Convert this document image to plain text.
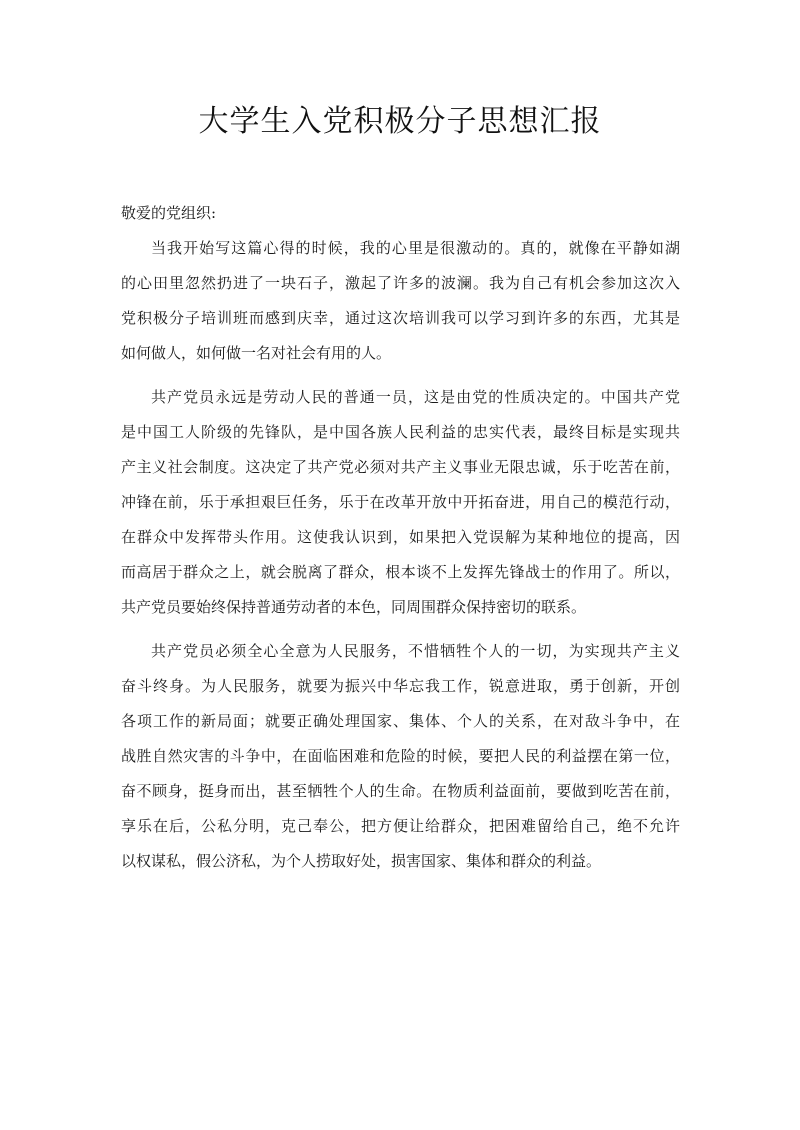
大学生入党积极分子思想汇报

敬爱的党组织:

当我开始写这篇心得的时候，我的心里是很激动的。真的，就像在平静如湖
的心田里忽然扔进了一块石子，激起了许多的波澜。我为自己有机会参加这次入
党积极分子培训班而感到庆幸，通过这次培训我可以学习到许多的东西，尤其是
如何做人，如何做一名对社会有用的人。
共产党员永远是劳动人民的普通一员，这是由党的性质决定的。中国共产党
是中国工人阶级的先锋队，是中国各族人民利益的忠实代表，最终目标是实现共
产主义社会制度。这决定了共产党必须对共产主义事业无限忠诚，乐于吃苦在前，
冲锋在前，乐于承担艰巨任务，乐于在改革开放中开拓奋进，用自己的模范行动，
在群众中发挥带头作用。这使我认识到，如果把入党误解为某种地位的提高，因
而高居于群众之上，就会脱离了群众，根本谈不上发挥先锋战士的作用了。所以，
共产党员要始终保持普通劳动者的本色，同周围群众保持密切的联系。
共产党员必须全心全意为人民服务，不惜牺牲个人的一切，为实现共产主义
奋斗终身。为人民服务，就要为振兴中华忘我工作，锐意进取，勇于创新，开创
各项工作的新局面；就要正确处理国家、集体、个人的关系，在对敌斗争中，在
战胜自然灾害的斗争中，在面临困难和危险的时候，要把人民的利益摆在第一位，
奋不顾身，挺身而出，甚至牺牲个人的生命。在物质利益面前，要做到吃苦在前，
享乐在后，公私分明，克己奉公，把方便让给群众，把困难留给自己，绝不允许
以权谋私，假公济私，为个人捞取好处，损害国家、集体和群众的利益。
